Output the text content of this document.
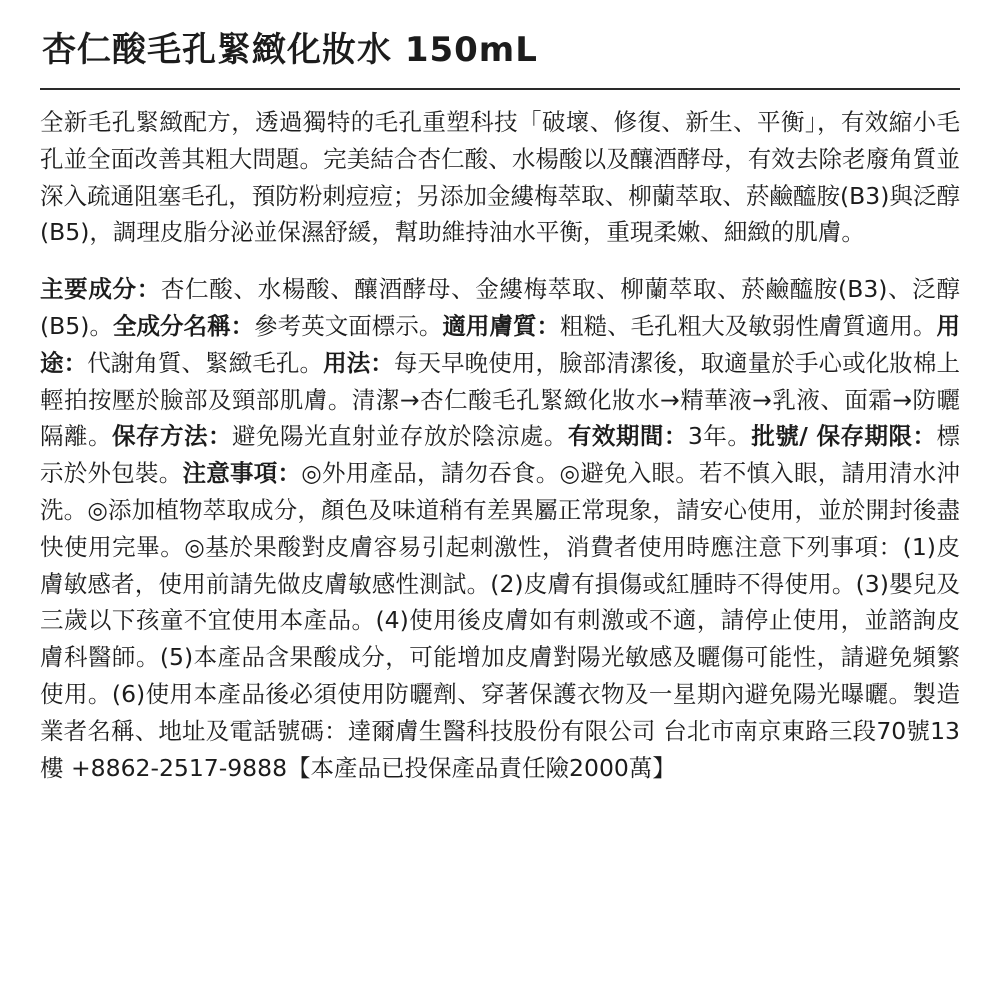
杏仁酸毛孔緊緻化妝水 150mL

全新毛孔緊緻配方，透過獨特的毛孔重塑科技「破壞、修復、新生、平衡」，有效縮小毛孔並全面改善其粗大問題。完美結合杏仁酸、水楊酸以及釀酒酵母，有效去除老廢角質並深入疏通阻塞毛孔，預防粉刺痘痘；另添加金縷梅萃取、柳蘭萃取、菸鹼醯胺(B3)與泛醇(B5)，調理皮脂分泌並保濕舒緩，幫助維持油水平衡，重現柔嫩、細緻的肌膚。

主要成分：杏仁酸、水楊酸、釀酒酵母、金縷梅萃取、柳蘭萃取、菸鹼醯胺(B3)、泛醇(B5)。全成分名稱：參考英文面標示。適用膚質：粗糙、毛孔粗大及敏弱性膚質適用。用途：代謝角質、緊緻毛孔。用法：每天早晚使用，臉部清潔後，取適量於手心或化妝棉上輕拍按壓於臉部及頸部肌膚。清潔→杏仁酸毛孔緊緻化妝水→精華液→乳液、面霜→防曬隔離。保存方法：避免陽光直射並存放於陰涼處。有效期間：3年。批號/ 保存期限：標示於外包裝。注意事項：◎外用產品，請勿吞食。◎避免入眼。若不慎入眼，請用清水沖洗。◎添加植物萃取成分，顏色及味道稍有差異屬正常現象，請安心使用，並於開封後盡快使用完畢。◎基於果酸對皮膚容易引起刺激性，消費者使用時應注意下列事項：(1)皮膚敏感者，使用前請先做皮膚敏感性測試。(2)皮膚有損傷或紅腫時不得使用。(3)嬰兒及三歲以下孩童不宜使用本產品。(4)使用後皮膚如有刺激或不適，請停止使用，並諮詢皮膚科醫師。(5)本產品含果酸成分，可能增加皮膚對陽光敏感及曬傷可能性，請避免頻繁使用。(6)使用本產品後必須使用防曬劑、穿著保護衣物及一星期內避免陽光曝曬。製造業者名稱、地址及電話號碼：達爾膚生醫科技股份有限公司 台北市南京東路三段70號13樓 +8862-2517-9888【本產品已投保產品責任險2000萬】
